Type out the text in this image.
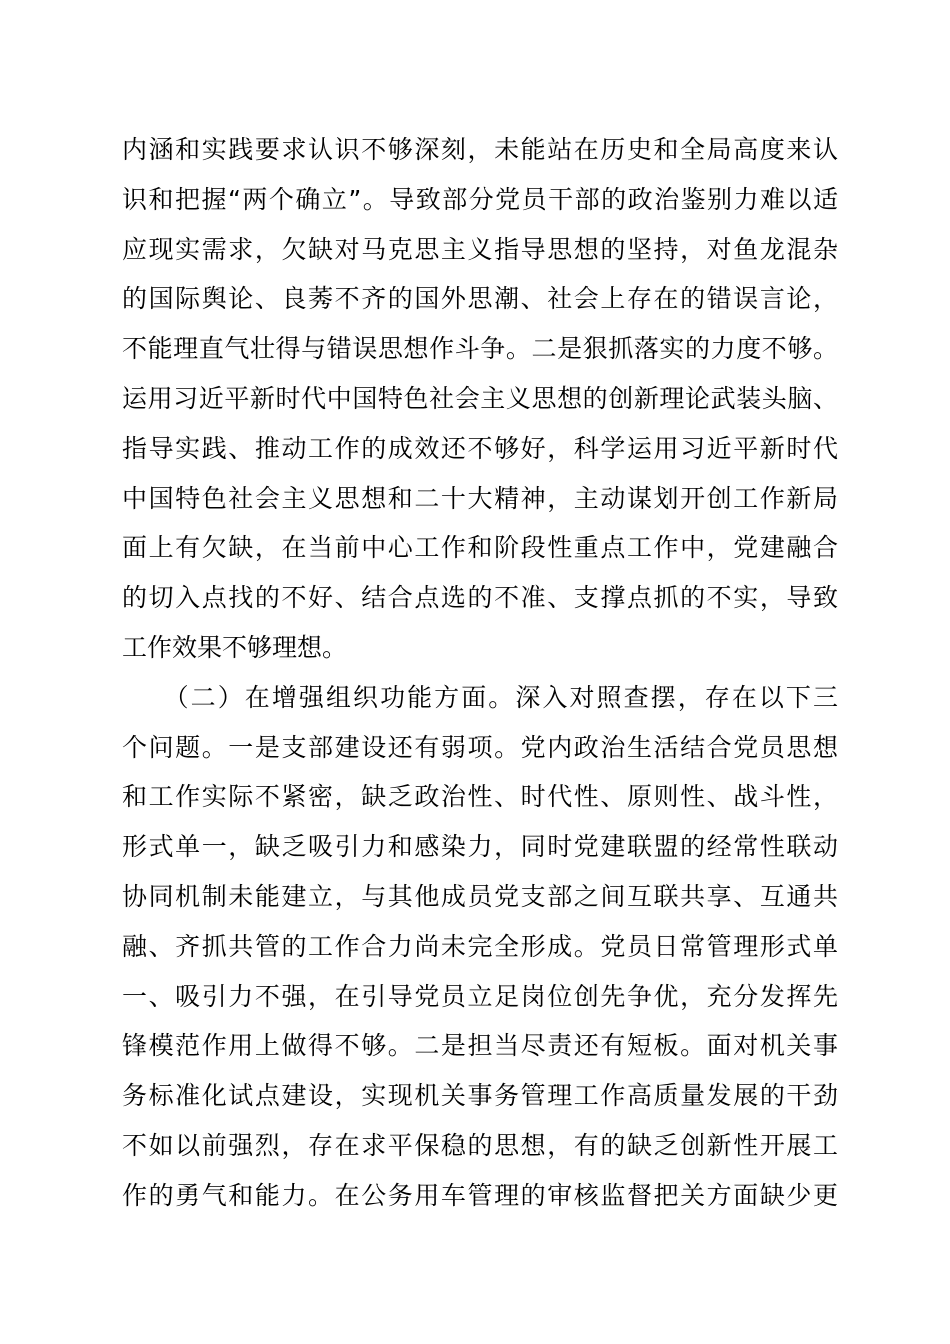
内涵和实践要求认识不够深刻，未能站在历史和全局高度来认
识和把握“两个确立”。导致部分党员干部的政治鉴别力难以适
应现实需求，欠缺对马克思主义指导思想的坚持，对鱼龙混杂
的国际舆论、良莠不齐的国外思潮、社会上存在的错误言论，
不能理直气壮得与错误思想作斗争。二是狠抓落实的力度不够。
运用习近平新时代中国特色社会主义思想的创新理论武装头脑、
指导实践、推动工作的成效还不够好，科学运用习近平新时代
中国特色社会主义思想和二十大精神，主动谋划开创工作新局
面上有欠缺，在当前中心工作和阶段性重点工作中，党建融合
的切入点找的不好、结合点选的不准、支撑点抓的不实，导致
工作效果不够理想。
　　（二）在增强组织功能方面。深入对照查摆，存在以下三
个问题。一是支部建设还有弱项。党内政治生活结合党员思想
和工作实际不紧密，缺乏政治性、时代性、原则性、战斗性，
形式单一，缺乏吸引力和感染力，同时党建联盟的经常性联动
协同机制未能建立，与其他成员党支部之间互联共享、互通共
融、齐抓共管的工作合力尚未完全形成。党员日常管理形式单
一、吸引力不强，在引导党员立足岗位创先争优，充分发挥先
锋模范作用上做得不够。二是担当尽责还有短板。面对机关事
务标准化试点建设，实现机关事务管理工作高质量发展的干劲
不如以前强烈，存在求平保稳的思想，有的缺乏创新性开展工
作的勇气和能力。在公务用车管理的审核监督把关方面缺少更
